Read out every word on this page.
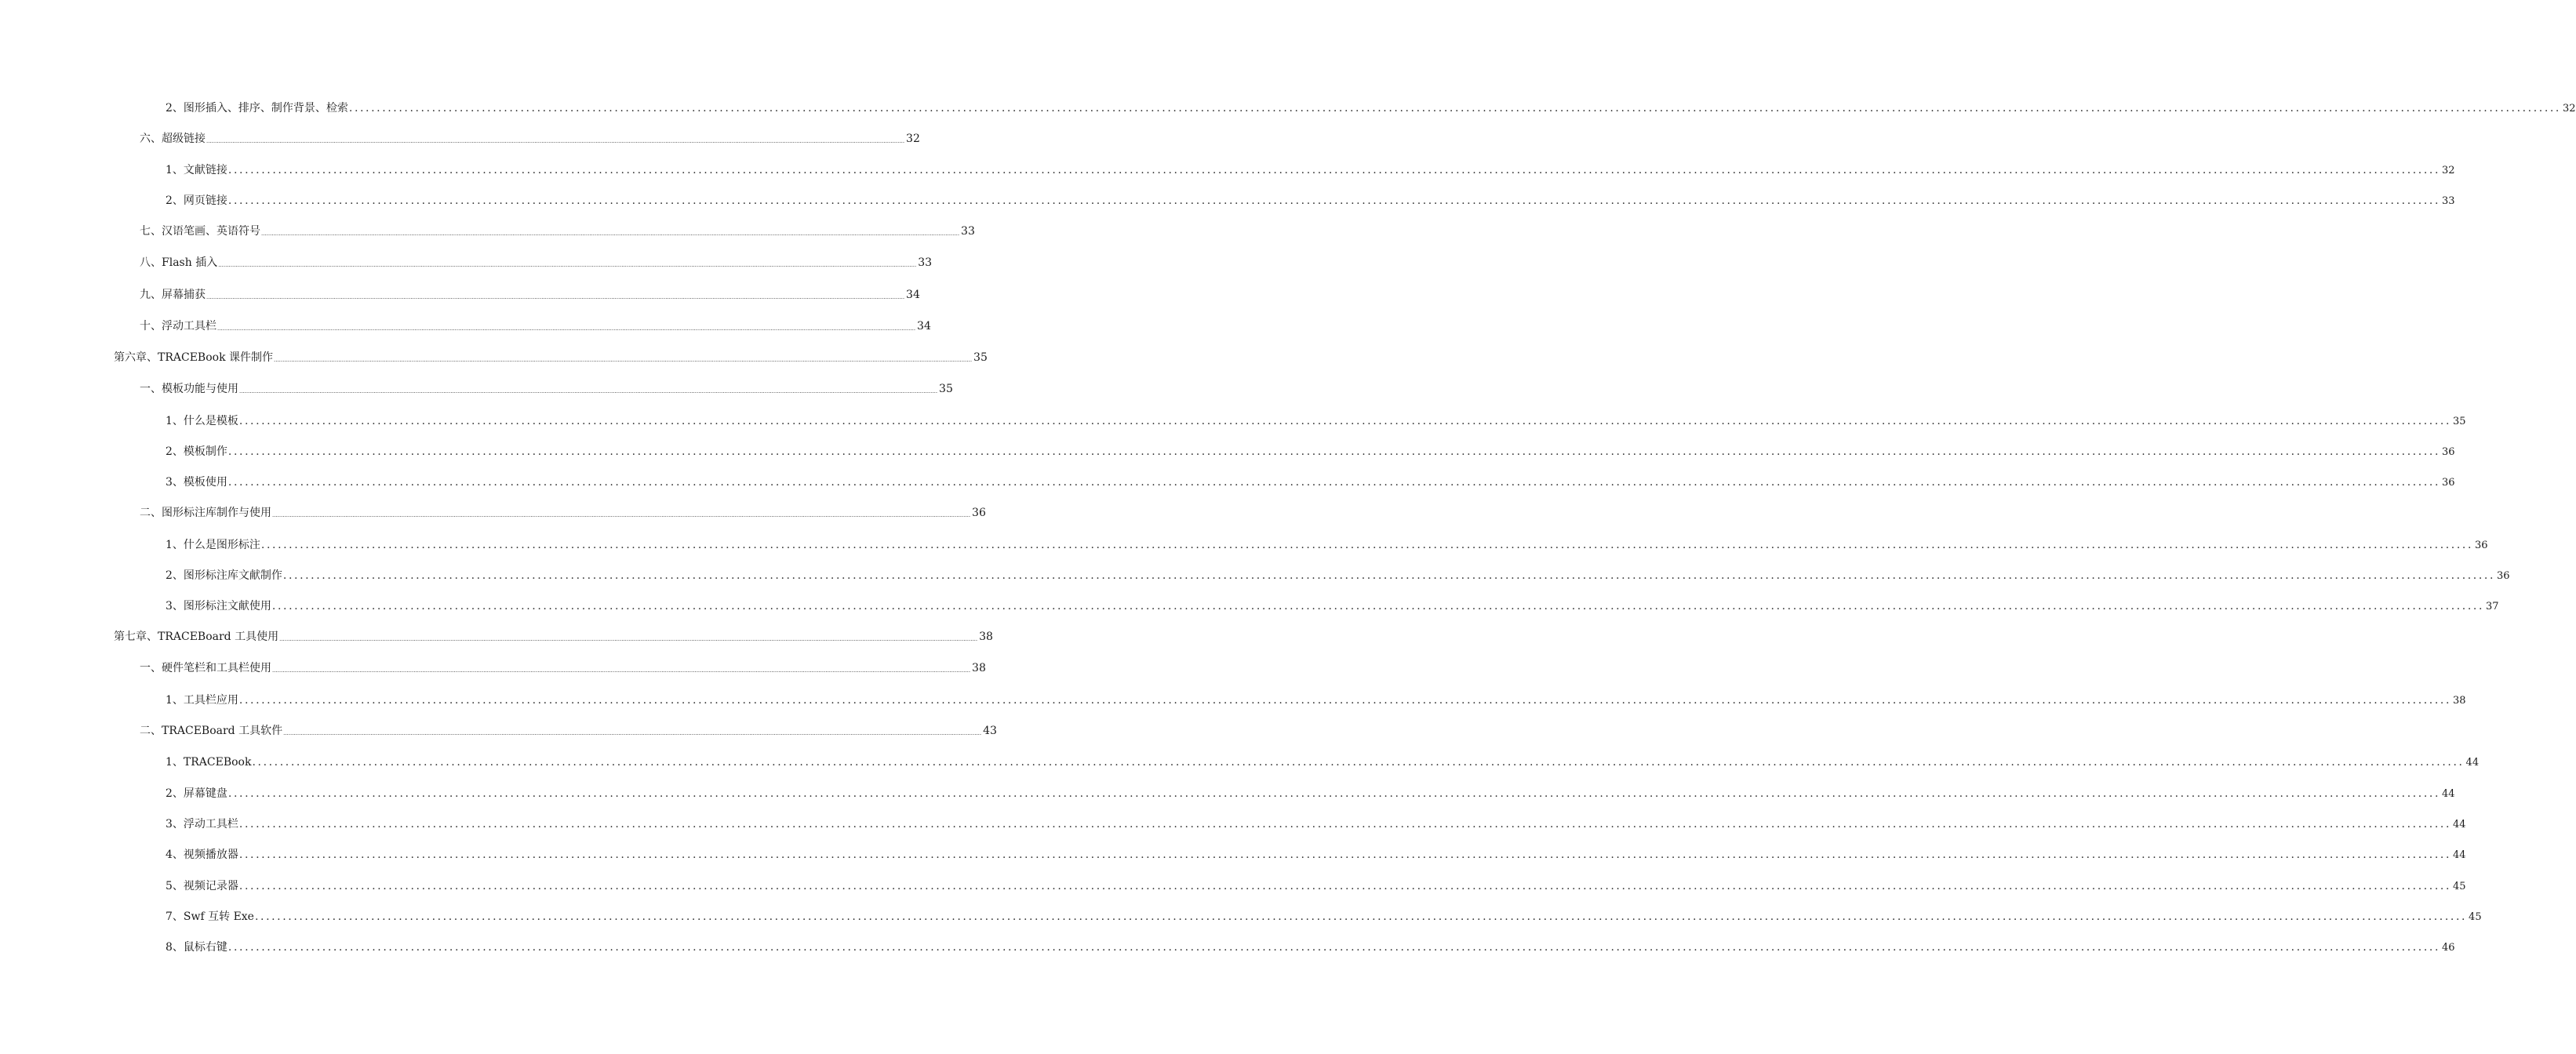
2、图形插入、排序、制作背景、检索 ................................................................................................................................................................................................................................................................................................................................................................................................................ 32
六、超级链接 ................................................................................................................................................................................................................................................................................................................................................................................................................ 32
1、文献链接 ................................................................................................................................................................................................................................................................................................................................................................................................................ 32
2、网页链接 ................................................................................................................................................................................................................................................................................................................................................................................................................ 33
七、汉语笔画、英语符号 ................................................................................................................................................................................................................................................................................................................................................................................................................ 33
八、Flash 插入 ................................................................................................................................................................................................................................................................................................................................................................................................................ 33
九、屏幕捕获 ................................................................................................................................................................................................................................................................................................................................................................................................................ 34
十、浮动工具栏 ................................................................................................................................................................................................................................................................................................................................................................................................................ 34
第六章、TRACEBook 课件制作 ................................................................................................................................................................................................................................................................................................................................................................................................................ 35
一、模板功能与使用 ................................................................................................................................................................................................................................................................................................................................................................................................................ 35
1、什么是模板 ................................................................................................................................................................................................................................................................................................................................................................................................................ 35
2、模板制作 ................................................................................................................................................................................................................................................................................................................................................................................................................ 36
3、模板使用 ................................................................................................................................................................................................................................................................................................................................................................................................................ 36
二、图形标注库制作与使用 ................................................................................................................................................................................................................................................................................................................................................................................................................ 36
1、什么是图形标注 ................................................................................................................................................................................................................................................................................................................................................................................................................ 36
2、图形标注库文献制作 ................................................................................................................................................................................................................................................................................................................................................................................................................ 36
3、图形标注文献使用 ................................................................................................................................................................................................................................................................................................................................................................................................................ 37
第七章、TRACEBoard 工具使用 ................................................................................................................................................................................................................................................................................................................................................................................................................ 38
一、硬件笔栏和工具栏使用 ................................................................................................................................................................................................................................................................................................................................................................................................................ 38
1、工具栏应用 ................................................................................................................................................................................................................................................................................................................................................................................................................ 38
二、TRACEBoard 工具软件 ................................................................................................................................................................................................................................................................................................................................................................................................................ 43
1、TRACEBook ................................................................................................................................................................................................................................................................................................................................................................................................................ 44
2、屏幕键盘 ................................................................................................................................................................................................................................................................................................................................................................................................................ 44
3、浮动工具栏 ................................................................................................................................................................................................................................................................................................................................................................................................................ 44
4、视频播放器 ................................................................................................................................................................................................................................................................................................................................................................................................................ 44
5、视频记录器 ................................................................................................................................................................................................................................................................................................................................................................................................................ 45
7、Swf 互转 Exe ................................................................................................................................................................................................................................................................................................................................................................................................................ 45
8、鼠标右键 ................................................................................................................................................................................................................................................................................................................................................................................................................ 46
